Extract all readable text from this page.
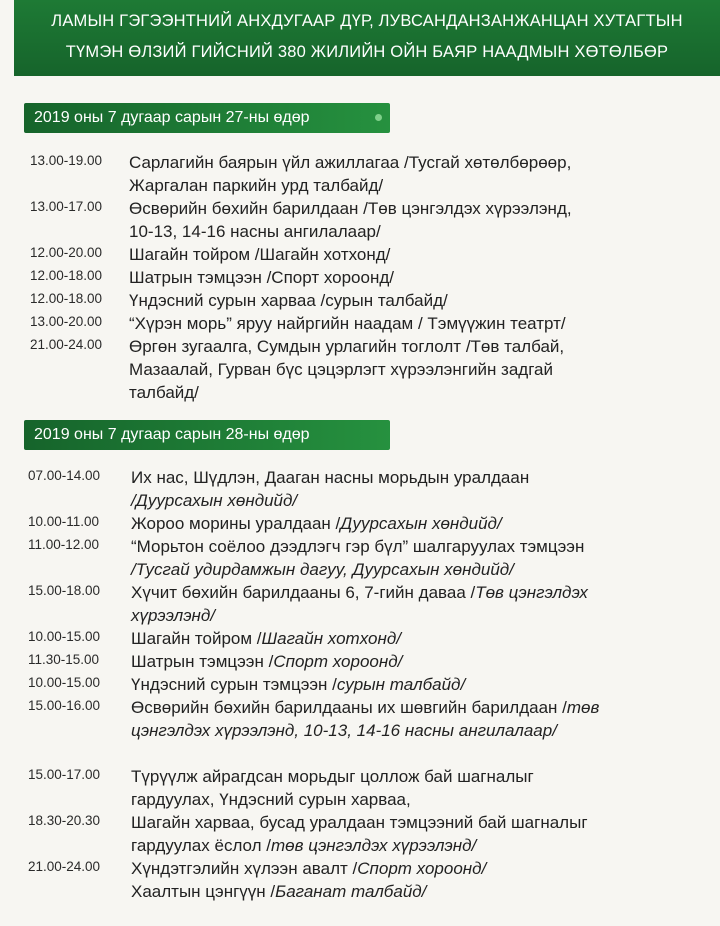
ЛАМЫН ГЭГЭЭНТНИЙ АНХДУГААР ДҮР, ЛУВСАНДАНЗАНЖАНЦАН ХУТАГТЫН
ТҮМЭН ӨЛЗИЙ ГИЙСНИЙ 380 ЖИЛИЙН ОЙН БАЯР НААДМЫН ХӨТӨЛБӨР
2019 оны 7 дугаар сарын 27-ны өдөр
13.00-19.00 Сарлагийн баярын үйл ажиллагаа /Тусгай хөтөлбөрөөр,
Жаргалан паркийн урд талбайд/
13.00-17.00 Өсвөрийн бөхийн барилдаан /Төв цэнгэлдэх хүрээлэнд,
10-13, 14-16 насны ангилалаар/
12.00-20.00 Шагайн тойром /Шагайн хотхонд/
12.00-18.00 Шатрын тэмцээн /Спорт хороонд/
12.00-18.00 Үндэсний сурын харваа /сурын талбайд/
13.00-20.00 “Хүрэн морь” яруу найргийн наадам / Тэмүүжин театрт/
21.00-24.00 Өргөн зугаалга, Сумдын урлагийн тоглолт /Төв талбай,
Мазаалай, Гурван бүс цэцэрлэгт хүрээлэнгийн задгай
талбайд/
2019 оны 7 дугаар сарын 28-ны өдөр
07.00-14.00 Их нас, Шүдлэн, Дааган насны морьдын уралдаан
/Дуурсахын хөндийд/
10.00-11.00 Жороо морины уралдаан /Дуурсахын хөндийд/
11.00-12.00 “Морьтон соёлоо дээдлэгч гэр бүл” шалгаруулах тэмцээн
/Тусгай удирдамжын дагуу, Дуурсахын хөндийд/
15.00-18.00 Хүчит бөхийн барилдааны 6, 7-гийн даваа /Төв цэнгэлдэх
хүрээлэнд/
10.00-15.00 Шагайн тойром /Шагайн хотхонд/
11.30-15.00 Шатрын тэмцээн /Спорт хороонд/
10.00-15.00 Үндэсний сурын тэмцээн /сурын талбайд/
15.00-16.00 Өсвөрийн бөхийн барилдааны их шөвгийн барилдаан /төв
цэнгэлдэх хүрээлэнд, 10-13, 14-16 насны ангилалаар/
15.00-17.00 Түрүүлж айрагдсан морьдыг цоллож бай шагналыг
гардуулах, Үндэсний сурын харваа,
18.30-20.30 Шагайн харваа, бусад уралдаан тэмцээний бай шагналыг
гардуулах ёслол /төв цэнгэлдэх хүрээлэнд/
21.00-24.00 Хүндэтгэлийн хүлээн авалт /Спорт хороонд/
Хаалтын цэнгүүн /Баганат талбайд/
